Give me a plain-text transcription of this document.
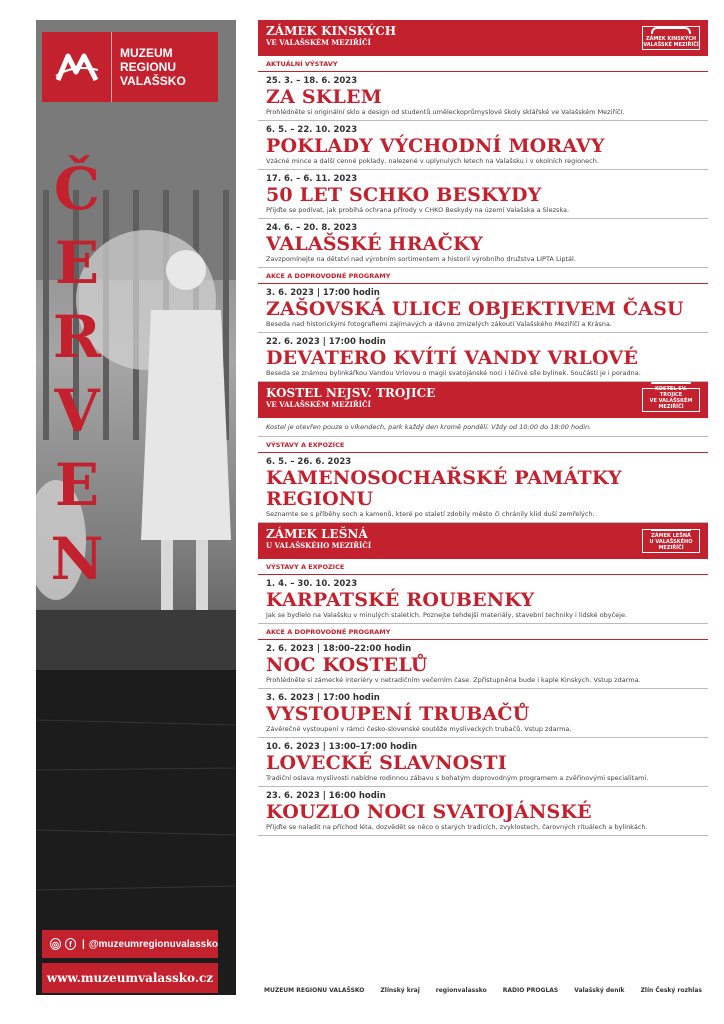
MUZEUM
REGIONU
VALAŠSKO
Č
E
R
V
E
N
◎	f	| @muzeumregionuvalassko
www.muzeumvalassko.cz
ZÁMEK KINSKÝCH
VE VALAŠSKÉM MEZIŘÍČÍ	ZÁMEK KINSKÝCH
VALAŠSKÉ MEZIŘÍČÍ
AKTUÁLNÍ VÝSTAVY
25. 3. – 18. 6. 2023
ZA SKLEM
Prohlédněte si originální sklo a design od studentů uměleckoprůmyslové školy sklářské ve Valašském Meziříčí.
6. 5. – 22. 10. 2023
POKLADY VÝCHODNÍ MORAVY
Vzácné mince a další cenné poklady, nalezené v uplynulých letech na Valašsku i v okolních regionech.
17. 6. – 6. 11. 2023
50 LET SCHKO BESKYDY
Přijďte se podívat, jak probíhá ochrana přírody v CHKO Beskydy na území Valašska a Slezska.
24. 6. – 20. 8. 2023
VALAŠSKÉ HRAČKY
Zavzpomínejte na dětství nad výrobním sortimentem a historií výrobního družstva LIPTA Liptál.
AKCE A DOPROVODNÉ PROGRAMY
3. 6. 2023 | 17:00 hodin
ZAŠOVSKÁ ULICE OBJEKTIVEM ČASU
Beseda nad historickými fotografiemi zajímavých a dávno zmizelých zákoutí Valašského Meziříčí a Krásna.
22. 6. 2023 | 17:00 hodin
DEVATERO KVÍTÍ VANDY VRLOVÉ
Beseda se známou bylinkářkou Vandou Vrlovou o magii svatojánské noci i léčivé síle bylinek. Součástí je i poradna.
KOSTEL NEJSV. TROJICE
VE VALAŠSKÉM MEZIŘÍČÍ
KOSTEL SV. TROJICE
VE VALAŠSKÉM MEZIŘÍČÍ
Kostel je otevřen pouze o víkendech, park každý den kromě pondělí. Vždy od 10:00 do 18:00 hodin.
VÝSTAVY A EXPOZICE
6. 5. – 26. 6. 2023
KAMENOSOCHAŘSKÉ PAMÁTKY REGIONU
Seznamte se s příběhy soch a kamenů, které po staletí zdobily město či chránily klid duší zemřelých.
ZÁMEK LEŠNÁ
U VALAŠSKÉHO MEZIŘÍČÍ
ZÁMEK LEŠNÁ
U VALAŠSKÉHO MEZIŘÍČÍ
VÝSTAVY A EXPOZICE
1. 4. – 30. 10. 2023
KARPATSKÉ ROUBENKY
Jak se bydlelo na Valašsku v minulých staletích. Poznejte tehdejší materiály, stavební techniky i lidské obyčeje.
AKCE A DOPROVODNÉ PROGRAMY
2. 6. 2023 | 18:00–22:00 hodin
NOC KOSTELŮ
Prohlédněte si zámecké interiéry v netradičním večerním čase. Zpřístupněna bude i kaple Kinských. Vstup zdarma.
3. 6. 2023 | 17:00 hodin
VYSTOUPENÍ TRUBAČŮ
Závěrečné vystoupení v rámci česko-slovenské soutěže mysliveckých trubačů. Vstup zdarma.
10. 6. 2023 | 13:00–17:00 hodin
LOVECKÉ SLAVNOSTI
Tradiční oslava myslivosti nabídne rodinnou zábavu s bohatým doprovodným programem a zvěřinovými specialitami.
23. 6. 2023 | 16:00 hodin
KOUZLO NOCI SVATOJÁNSKÉ
Přijďte se naladit na příchod léta, dozvědět se něco o starých tradicích, zvyklostech, čarovných rituálech a bylinkách.
MUZEUM REGIONU VALAŠSKO	Zlínský kraj	regionvalassko	RADIO PROGLAS	Valašský deník	Zlín Český rozhlas
